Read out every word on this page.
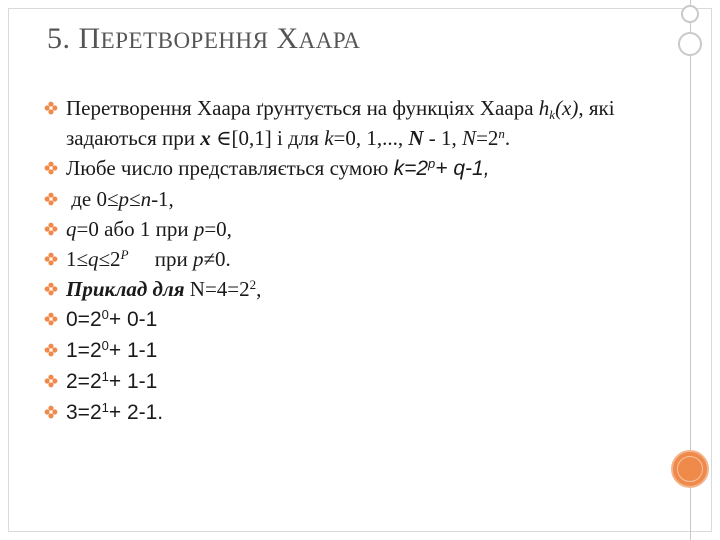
5. ПЕРЕТВОРЕННЯ ХААРА
Перетворення Хаара ґрунтується на функціях Хаара $h_k(x)$, які задаються при x ∈[0,1] і для k=0, 1,..., N - 1, $N=2^n$.
Любе число представляється сумою $k=2^p+ q-1$,
де 0≤p≤n-1,
q=0 або 1 при p=0,
$1\le q\le 2^P$     при p≠0.
Приклад для $N=4=2^2$,
$0=2^0+ 0-1$
$1=2^0+ 1-1$
$2=2^1+ 1-1$
$3=2^1+ 2-1$.
